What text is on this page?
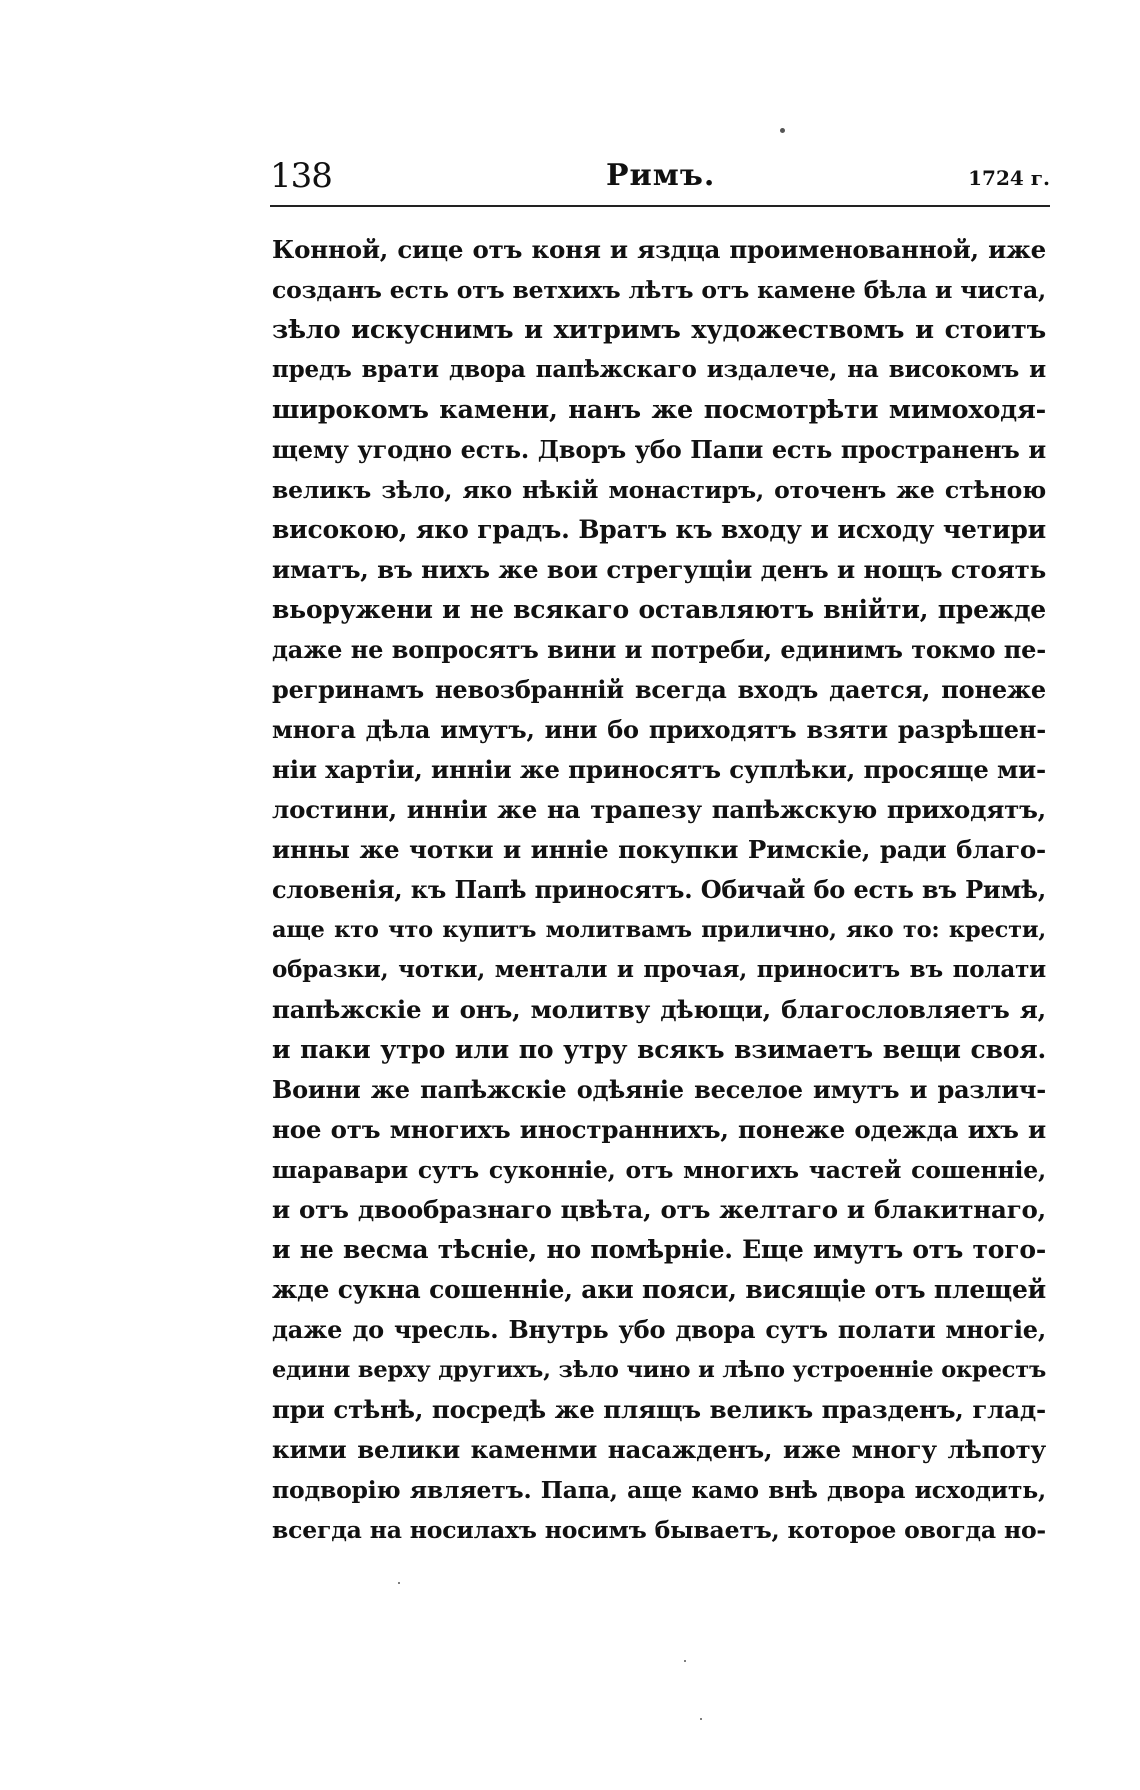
138	Римъ.	1724 г.
Конной, сице отъ коня и яздца проименованной, иже
созданъ есть отъ ветхихъ лѣтъ отъ камене бѣла и чиста,
зѣло искуснимъ и хитримъ художествомъ и стоитъ
предъ врати двора папѣжскаго издалече, на високомъ и
широкомъ камени, нанъ же посмотрѣти мимоходя-
щему угодно есть. Дворъ убо Папи есть пространенъ и
великъ зѣло, яко нѣкій монастиръ, оточенъ же стѣною
високою, яко градъ. Вратъ къ входу и исходу четири
иматъ, въ нихъ же вои стрегущіи денъ и нощъ стоять
вьоружени и не всякаго оставляютъ внійти, прежде
даже не вопросятъ вини и потреби, единимъ токмо пе-
регринамъ невозбранній всегда входъ дается, понеже
многа дѣла имутъ, ини бо приходятъ взяти разрѣшен-
ніи хартіи, инніи же приносятъ суплѣки, просяще ми-
лостини, инніи же на трапезу папѣжскую приходятъ,
инны же чотки и инніе покупки Римскіе, ради благо-
словенія, къ Папѣ приносятъ. Обичай бо есть въ Римѣ,
аще кто что купитъ молитвамъ прилично, яко то: крести,
образки, чотки, ментали и прочая, приноситъ въ полати
папѣжскіе и онъ, молитву дѣющи, благословляетъ я,
и паки утро или по утру всякъ взимаетъ вещи своя.
Воини же папѣжскіе одѣяніе веселое имутъ и различ-
ное отъ многихъ иностраннихъ, понеже одежда ихъ и
шаравари сутъ суконніе, отъ многихъ частей сошенніе,
и отъ двообразнаго цвѣта, отъ желтаго и блакитнаго,
и не весма тѣсніе, но помѣрніе. Еще имутъ отъ того-
жде сукна сошенніе, аки пояси, висящіе отъ плещей
даже до чресль. Внутрь убо двора сутъ полати многіе,
едини верху другихъ, зѣло чино и лѣпо устроенніе окрестъ
при стѣнѣ, посредѣ же плящъ великъ празденъ, глад-
кими велики каменми насажденъ, иже многу лѣпоту
подворію являетъ. Папа, аще камо внѣ двора исходить,
всегда на носилахъ носимъ бываетъ, которое овогда но-
